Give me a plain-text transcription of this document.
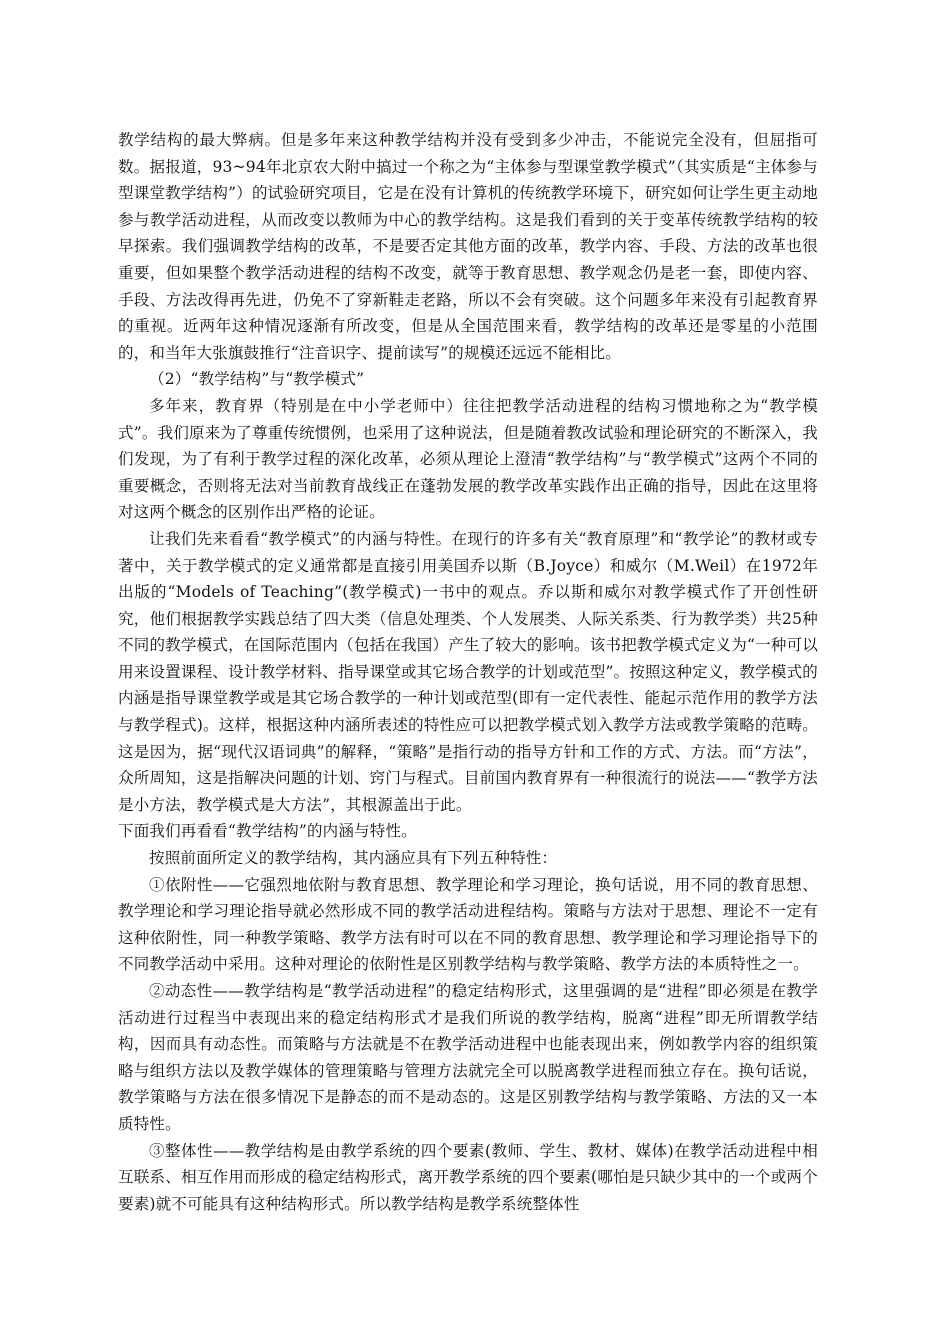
教学结构的最大弊病。但是多年来这种教学结构并没有受到多少冲击，不能说完全没有，但屈指可数。据报道，93~94年北京农大附中搞过一个称之为“主体参与型课堂教学模式”（其实质是“主体参与型课堂教学结构”）的试验研究项目，它是在没有计算机的传统教学环境下，研究如何让学生更主动地参与教学活动进程，从而改变以教师为中心的教学结构。这是我们看到的关于变革传统教学结构的较早探索。我们强调教学结构的改革，不是要否定其他方面的改革，教学内容、手段、方法的改革也很重要，但如果整个教学活动进程的结构不改变，就等于教育思想、教学观念仍是老一套，即使内容、手段、方法改得再先进，仍免不了穿新鞋走老路，所以不会有突破。这个问题多年来没有引起教育界的重视。近两年这种情况逐渐有所改变，但是从全国范围来看，教学结构的改革还是零星的小范围的，和当年大张旗鼓推行“注音识字、提前读写”的规模还远远不能相比。

（2）“教学结构”与“教学模式”

多年来，教育界（特别是在中小学老师中）往往把教学活动进程的结构习惯地称之为“教学模式”。我们原来为了尊重传统惯例，也采用了这种说法，但是随着教改试验和理论研究的不断深入，我们发现，为了有利于教学过程的深化改革，必须从理论上澄清“教学结构”与“教学模式”这两个不同的重要概念，否则将无法对当前教育战线正在蓬勃发展的教学改革实践作出正确的指导，因此在这里将对这两个概念的区别作出严格的论证。

让我们先来看看“教学模式”的内涵与特性。在现行的许多有关“教育原理”和“教学论”的教材或专著中，关于教学模式的定义通常都是直接引用美国乔以斯（B.Joyce）和威尔（M.Weil）在1972年出版的“Models of Teaching”(教学模式)一书中的观点。乔以斯和威尔对教学模式作了开创性研究，他们根据教学实践总结了四大类（信息处理类、个人发展类、人际关系类、行为教学类）共25种不同的教学模式，在国际范围内（包括在我国）产生了较大的影响。该书把教学模式定义为“一种可以用来设置课程、设计教学材料、指导课堂或其它场合教学的计划或范型”。按照这种定义，教学模式的内涵是指导课堂教学或是其它场合教学的一种计划或范型(即有一定代表性、能起示范作用的教学方法与教学程式)。这样，根据这种内涵所表述的特性应可以把教学模式划入教学方法或教学策略的范畴。这是因为，据“现代汉语词典”的解释，“策略”是指行动的指导方针和工作的方式、方法。而“方法”，众所周知，这是指解决问题的计划、窍门与程式。目前国内教育界有一种很流行的说法——“教学方法是小方法，教学模式是大方法”，其根源盖出于此。

下面我们再看看“教学结构”的内涵与特性。

按照前面所定义的教学结构，其内涵应具有下列五种特性：

①依附性——它强烈地依附与教育思想、教学理论和学习理论，换句话说，用不同的教育思想、教学理论和学习理论指导就必然形成不同的教学活动进程结构。策略与方法对于思想、理论不一定有这种依附性，同一种教学策略、教学方法有时可以在不同的教育思想、教学理论和学习理论指导下的不同教学活动中采用。这种对理论的依附性是区别教学结构与教学策略、教学方法的本质特性之一。

②动态性——教学结构是“教学活动进程”的稳定结构形式，这里强调的是“进程”即必须是在教学活动进行过程当中表现出来的稳定结构形式才是我们所说的教学结构，脱离“进程”即无所谓教学结构，因而具有动态性。而策略与方法就是不在教学活动进程中也能表现出来，例如教学内容的组织策略与组织方法以及教学媒体的管理策略与管理方法就完全可以脱离教学进程而独立存在。换句话说，教学策略与方法在很多情况下是静态的而不是动态的。这是区别教学结构与教学策略、方法的又一本质特性。

③整体性——教学结构是由教学系统的四个要素(教师、学生、教材、媒体)在教学活动进程中相互联系、相互作用而形成的稳定结构形式，离开教学系统的四个要素(哪怕是只缺少其中的一个或两个要素)就不可能具有这种结构形式。所以教学结构是教学系统整体性
